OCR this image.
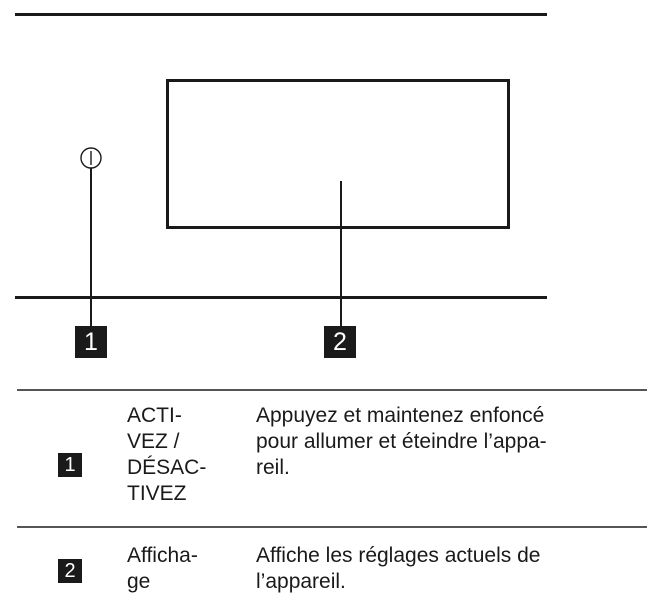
1	2
1
ACTI-
VEZ /
DÉSAC-
TIVEZ
Appuyez et maintenez enfoncé
pour allumer et éteindre l’appa-
reil.
2
Afficha-
ge
Affiche les réglages actuels de
l’appareil.
